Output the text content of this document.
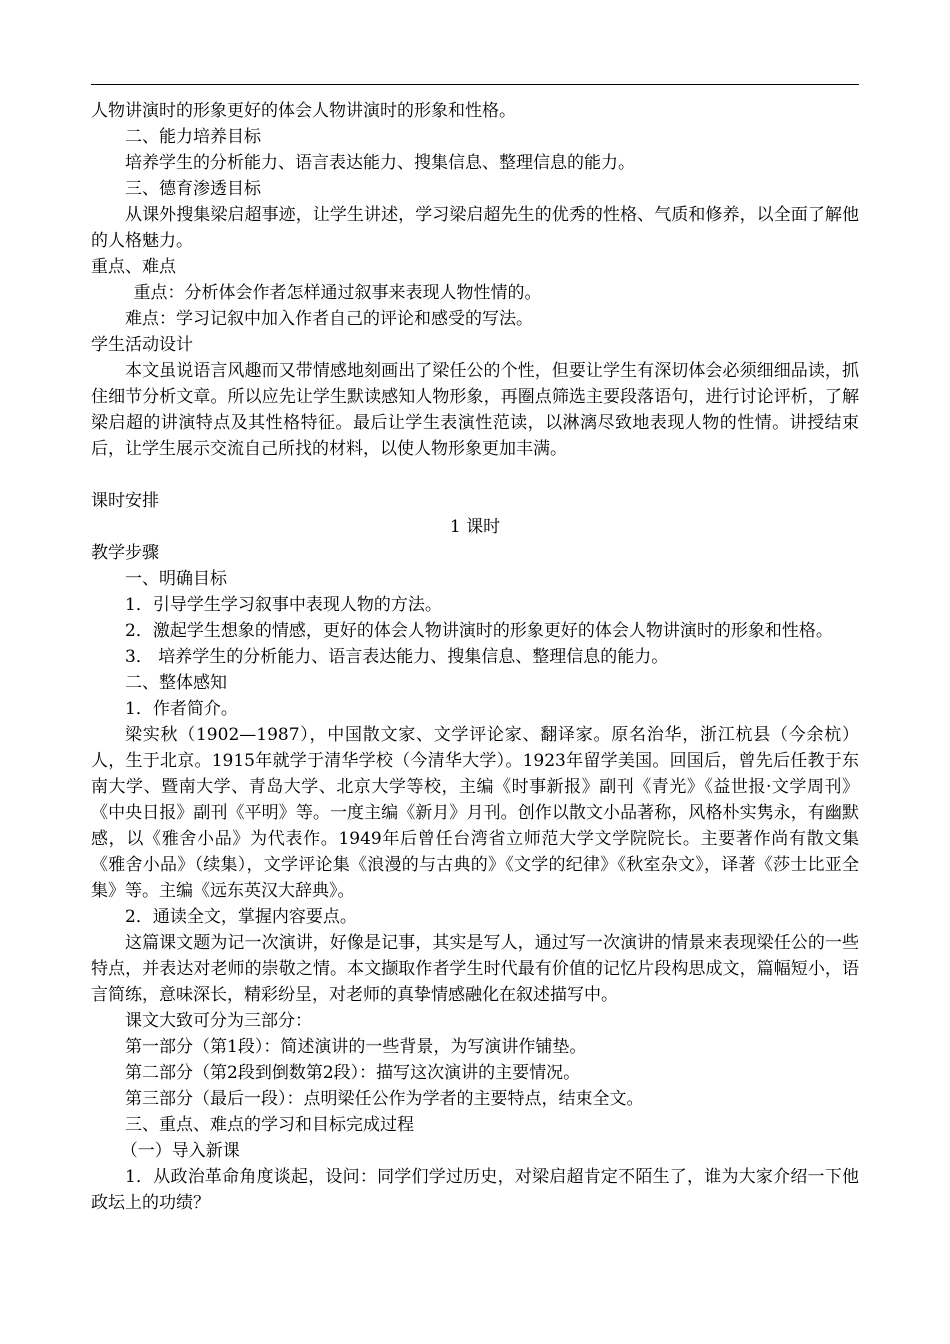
人物讲演时的形象更好的体会人物讲演时的形象和性格。

二、能力培养目标

培养学生的分析能力、语言表达能力、搜集信息、整理信息的能力。

三、德育渗透目标

从课外搜集梁启超事迹，让学生讲述，学习梁启超先生的优秀的性格、气质和修养，以全面了解他的人格魅力。

重点、难点

重点：分析体会作者怎样通过叙事来表现人物性情的。

难点：学习记叙中加入作者自己的评论和感受的写法。

学生活动设计

本文虽说语言风趣而又带情感地刻画出了梁任公的个性，但要让学生有深切体会必须细细品读，抓住细节分析文章。所以应先让学生默读感知人物形象，再圈点筛选主要段落语句，进行讨论评析，了解梁启超的讲演特点及其性格特征。最后让学生表演性范读，以淋漓尽致地表现人物的性情。讲授结束后，让学生展示交流自己所找的材料，以使人物形象更加丰满。

课时安排

1 课时

教学步骤

一、明确目标

1．引导学生学习叙事中表现人物的方法。

2．激起学生想象的情感，更好的体会人物讲演时的形象更好的体会人物讲演时的形象和性格。

3． 培养学生的分析能力、语言表达能力、搜集信息、整理信息的能力。

二、整体感知

1．作者简介。

梁实秋（1902—1987），中国散文家、文学评论家、翻译家。原名治华，浙江杭县（今余杭）人，生于北京。1915年就学于清华学校（今清华大学）。1923年留学美国。回国后，曾先后任教于东南大学、暨南大学、青岛大学、北京大学等校，主编《时事新报》副刊《青光》《益世报·文学周刊》《中央日报》副刊《平明》等。一度主编《新月》月刊。创作以散文小品著称，风格朴实隽永，有幽默感，以《雅舍小品》为代表作。1949年后曾任台湾省立师范大学文学院院长。主要著作尚有散文集《雅舍小品》（续集），文学评论集《浪漫的与古典的》《文学的纪律》《秋室杂文》，译著《莎士比亚全集》等。主编《远东英汉大辞典》。

2．通读全文，掌握内容要点。

这篇课文题为记一次演讲，好像是记事，其实是写人，通过写一次演讲的情景来表现梁任公的一些特点，并表达对老师的崇敬之情。本文撷取作者学生时代最有价值的记忆片段构思成文，篇幅短小，语言简练，意味深长，精彩纷呈，对老师的真挚情感融化在叙述描写中。

课文大致可分为三部分：

第一部分（第1段）：简述演讲的一些背景，为写演讲作铺垫。

第二部分（第2段到倒数第2段）：描写这次演讲的主要情况。

第三部分（最后一段）：点明梁任公作为学者的主要特点，结束全文。

三、重点、难点的学习和目标完成过程

（一）导入新课

1．从政治革命角度谈起，设问：同学们学过历史，对梁启超肯定不陌生了，谁为大家介绍一下他政坛上的功绩？
